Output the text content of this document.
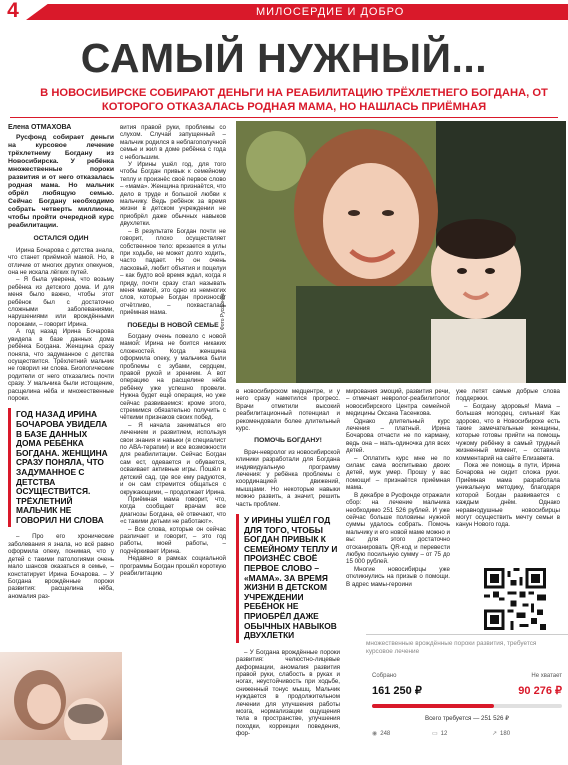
4	МИЛОСЕРДИЕ И ДОБРО
САМЫЙ НУЖНЫЙ...
В НОВОСИБИРСКЕ СОБИРАЮТ ДЕНЬГИ НА РЕАБИЛИТАЦИЮ ТРЁХЛЕТНЕГО БОГДАНА, ОТ КОТОРОГО ОТКАЗАЛАСЬ РОДНАЯ МАМА, НО НАШЛАСЬ ПРИЁМНАЯ
Елена ОТМАХОВА
Русфонд собирает деньги на курсовое лечение трёхлетнему Богдану из Новосибирска. У ребёнка множественные пороки развития и от него отказалась родная мама. Но мальчик обрёл любящую семью. Сейчас Богдану необходимо собрать четверть миллиона, чтобы пройти очередной курс реабилитации.
ОСТАЛСЯ ОДИН

Ирина Бочарова с детства знала, что станет приёмной мамой. Но, в отличие от многих других опекунов, она не искала лёгких путей.

– Я была уверена, что возьму ребёнка из детского дома. И для меня было важно, чтобы этот ребёнок был с достаточно сложными заболеваниями, нарушениями или врождёнными пороками, – говорит Ирина.

А год назад Ирина Бочарова увидела в базе данных дома ребёнка Богдана. Женщина сразу поняла, что задуманное с детства осуществится. Трёхлетний мальчик не говорил ни слова. Биологические родители от него отказались почти сразу. У мальчика были истощение, расщелина нёба и множественные пороки.

ГОД НАЗАД ИРИНА БОЧАРОВА УВИДЕЛА В БАЗЕ ДАННЫХ ДОМА РЕБЁНКА БОГДАНА. ЖЕНЩИНА СРАЗУ ПОНЯЛА, ЧТО ЗАДУМАННОЕ С ДЕТСТВА ОСУЩЕСТВИТСЯ. ТРЁХЛЕТНИЙ МАЛЬЧИК НЕ ГОВОРИЛ НИ СЛОВА

– Про его хронические заболевания я знала, но всё равно оформила опеку, понимая, что у детей с такими патологиями очень мало шансов оказаться в семье, – констатирует Ирина Бочарова. – У Богдана врождённые пороки развития: расщелина нёба, аномалия раз-

вития правой руки, проблемы со слухом. Случай запущенный – мальчик родился в неблагополучной семье и жил в доме ребёнка с года с небольшим.

У Ирины ушёл год, для того чтобы Богдан привык к семейному теплу и произнёс своё первое слово – «мама». Женщина признаётся, что дело в труде и большой любви к мальчику. Ведь ребёнок за время жизни в детском учреждении не приобрёл даже обычных навыков двухлетки.

– В результате Богдан почти не говорит, плохо осуществляет собственное тело: врезается в углы при ходьбе, не может долго ходить, часто падает. Но он очень ласковый, любит объятия и поцелуи – как будто всё время ждал, когда я приду, почти сразу стал называть меня мамой, это одно из немногих слов, которые Богдан произносит отчётливо, – похвасталась приёмная мама.

ПОБЕДЫ В НОВОЙ СЕМЬЕ

Богдану очень повезло с новой мамой: Ирина не боится никаких сложностей. Когда женщина оформила опеку, у мальчика были проблемы с зубами, сердцем, правой рукой и зрением. А вот операцию на расщелине нёба ребёнку уже успешно провели. Нужна будет ещё операция, но уже сейчас развиваемся: кроме этого, стремимся обязательно получить с чёткими признаков своих побед.

– Я начала заниматься его лечением и развитием, используя свои знания и навыки (я специалист по АВА-терапии) и все возможности для реабилитации. Сейчас Богдан сам ест, одевается и обувается, осваивает активные игры. Пошёл в детский сад, где все ему радуются, и он сам стремится общаться с окружающими, – продолжает Ирина.

Приёмная мама говорит, что, когда сообщает врачам все диагнозы Богдана, её отвечают, что «с такими детьми не работают».

– Все слова, которые он сейчас различает и говорит, – это год работы, моей работы, – подчёркивает Ирина.

Недавно в рамках социальной программы Богдан прошёл короткую реабилитацию

Фото Русфонда

в новосибирском медцентре, и у него сразу наметился прогресс. Врачи отметили высокий реабилитационный потенциал и рекомендовали более длительный курс.

ПОМОЧЬ БОГДАНУ!

Врач-невролог из новосибирской клиники разработали для Богдана индивидуальную программу лечения: у ребёнка проблемы с координацией движений, мышцами. Но некоторые навыки можно развить, а значит, решить часть проблем.

У ИРИНЫ УШЁЛ ГОД ДЛЯ ТОГО, ЧТОБЫ БОГДАН ПРИВЫК К СЕМЕЙНОМУ ТЕПЛУ И ПРОИЗНЁС СВОЁ ПЕРВОЕ СЛОВО – «МАМА». ЗА ВРЕМЯ ЖИЗНИ В ДЕТСКОМ УЧРЕЖДЕНИИ РЕБЁНОК НЕ ПРИОБРЁЛ ДАЖЕ ОБЫЧНЫХ НАВЫКОВ ДВУХЛЕТКИ

– У Богдана врождённые пороки развития: челюстно-лицевые деформации, аномалия развития правой руки, слабость в руках и ногах, неустойчивость при ходьбе, сниженный тонус мышц. Мальчик нуждается в продолжительном лечении для улучшения работы мозга, нормализации ощущения тела в пространстве, улучшения походки, коррекции поведения, фор-

мирования эмоций, развития речи, – отмечает невролог-реабилитолог новосибирского Центра семейной медицины Оксана Тасенкова.

Однако длительный курс лечения – платный. Ирина Бочарова отчасти не по карману, ведь она – мать-одиночка для всех детей.

– Оплатить курс мне не по силам: сама воспитываю двоих детей, муж умер. Прошу у вас помощи! – признаётся приёмная мама.

В декабре в Русфонде отражали сбор: на лечение мальчика необходимо 251 526 рублей. И уже сейчас больше половины нужной суммы удалось собрать. Помочь мальчику и его новой маме можно и вы: для этого достаточно отсканировать QR-код и перевести любую посильную сумму – от 75 до 15 000 рублей.

Многие новосибирцы уже откликнулись на призыв о помощи. В адрес мамы-героини

уже летят самые добрые слова поддержки.

– Богдану здоровья! Мама – большая молодец, сильная! Как здорово, что в Новосибирске есть такие замечательные женщины, которые готовы прийти на помощь чужому ребёнку в самый трудный жизненный момент, – оставила комментарий на сайте Елизавета.

Пока же помощь в пути, Ирина Бочарова не сидит сложа руки. Приёмная мама разработала уникальную методику, благодаря которой Богдан развивается с каждым днём. Однако неравнодушные новосибирцы могут осуществить мечту семьи в канун Нового года.

множественные врождённые пороки развития, требуется курсовое лечение
Собрано	Не хватает
161 250 ₽	90 276 ₽
Всего требуется — 251 526 ₽
◉ 248	▭ 12	↗ 180
